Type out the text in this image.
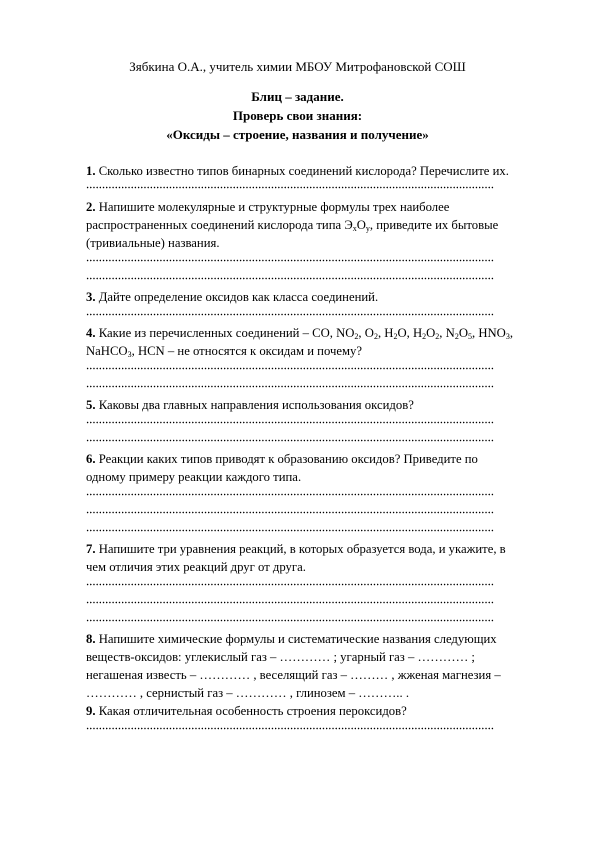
Зябкина О.А., учитель химии МБОУ Митрофановской СОШ
Блиц – задание.
Проверь свои знания:
«Оксиды – строение, названия и получение»
1. Сколько известно типов бинарных соединений кислорода? Перечислите их.
2. Напишите молекулярные и структурные формулы трех наиболее
распространенных соединений кислорода типа $Э_хО_у$, приведите их бытовые
(тривиальные) названия.
3. Дайте определение оксидов как класса соединений.
4. Какие из перечисленных соединений – CO, $NO_2$, $O_2$, $H_2O$, $H_2O_2$, $N_2O_5$, $HNO_3$,
NaHCO$_3$, HCN – не относятся к оксидам и почему?
5. Каковы два главных направления использования оксидов?
6. Реакции каких типов приводят к образованию оксидов? Приведите по
одному примеру реакции каждого типа.
7. Напишите три уравнения реакций, в которых образуется вода, и укажите, в
чем отличия этих реакций друг от друга.
8. Напишите химические формулы и систематические названия следующих
веществ-оксидов: углекислый газ – ………… ; угарный газ – ………… ;
негашеная известь – ………… , веселящий газ – ……… , жженая магнезия –
………… , сернистый газ – ………… , глинозем – ……….. .
9. Какая отличительная особенность строения пероксидов?
